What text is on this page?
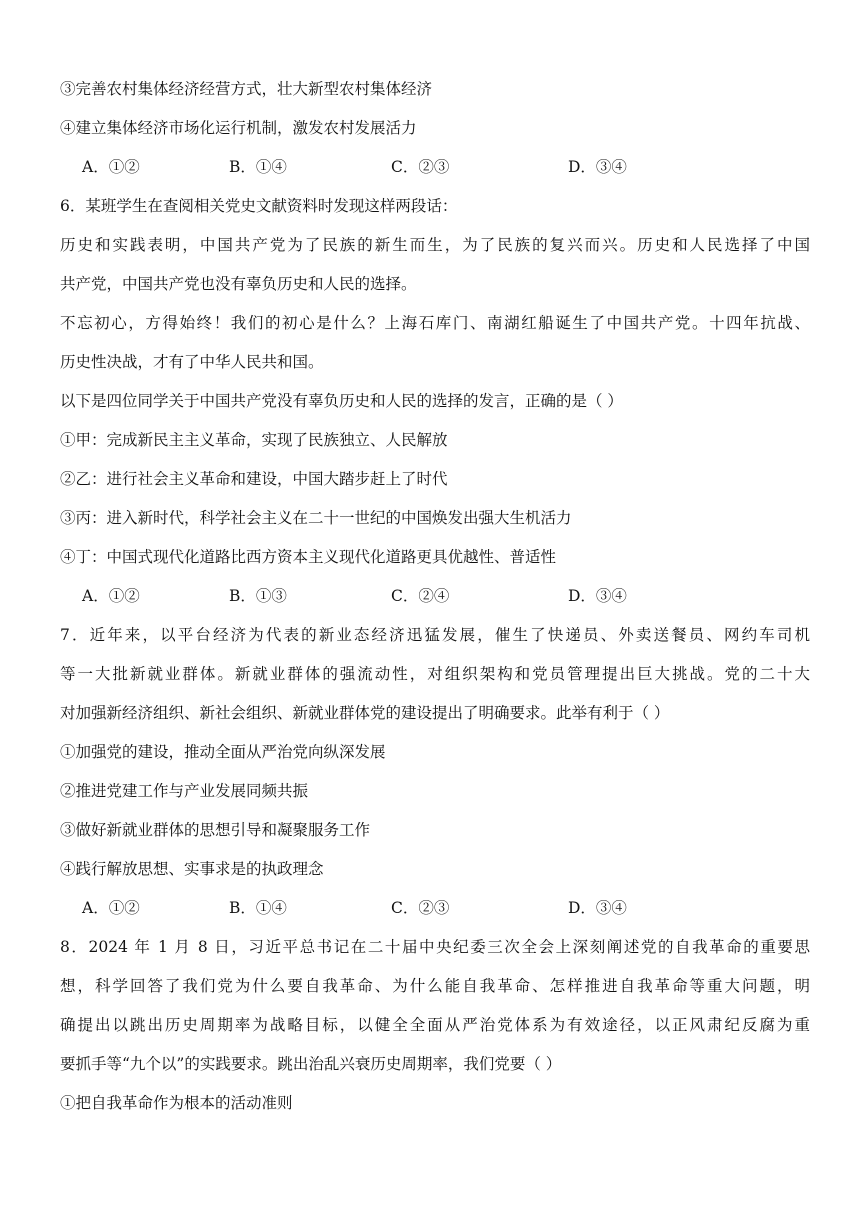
③完善农村集体经济经营方式，壮大新型农村集体经济
④建立集体经济市场化运行机制，激发农村发展活力
A．①②	B．①④	C．②③	D．③④
6．某班学生在查阅相关党史文献资料时发现这样两段话：
历史和实践表明，中国共产党为了民族的新生而生，为了民族的复兴而兴。历史和人民选择了中国
共产党，中国共产党也没有辜负历史和人民的选择。
不忘初心，方得始终！我们的初心是什么？上海石库门、南湖红船诞生了中国共产党。十四年抗战、
历史性决战，才有了中华人民共和国。
以下是四位同学关于中国共产党没有辜负历史和人民的选择的发言，正确的是（ ）
①甲：完成新民主主义革命，实现了民族独立、人民解放
②乙：进行社会主义革命和建设，中国大踏步赶上了时代
③丙：进入新时代，科学社会主义在二十一世纪的中国焕发出强大生机活力
④丁：中国式现代化道路比西方资本主义现代化道路更具优越性、普适性
A．①②	B．①③	C．②④	D．③④
7．近年来，以平台经济为代表的新业态经济迅猛发展，催生了快递员、外卖送餐员、网约车司机
等一大批新就业群体。新就业群体的强流动性，对组织架构和党员管理提出巨大挑战。党的二十大
对加强新经济组织、新社会组织、新就业群体党的建设提出了明确要求。此举有利于（ ）
①加强党的建设，推动全面从严治党向纵深发展
②推进党建工作与产业发展同频共振
③做好新就业群体的思想引导和凝聚服务工作
④践行解放思想、实事求是的执政理念
A．①②	B．①④	C．②③	D．③④
8．2024 年 1 月 8 日，习近平总书记在二十届中央纪委三次全会上深刻阐述党的自我革命的重要思
想，科学回答了我们党为什么要自我革命、为什么能自我革命、怎样推进自我革命等重大问题，明
确提出以跳出历史周期率为战略目标，以健全全面从严治党体系为有效途径，以正风肃纪反腐为重
要抓手等“九个以”的实践要求。跳出治乱兴衰历史周期率，我们党要（ ）
①把自我革命作为根本的活动准则
